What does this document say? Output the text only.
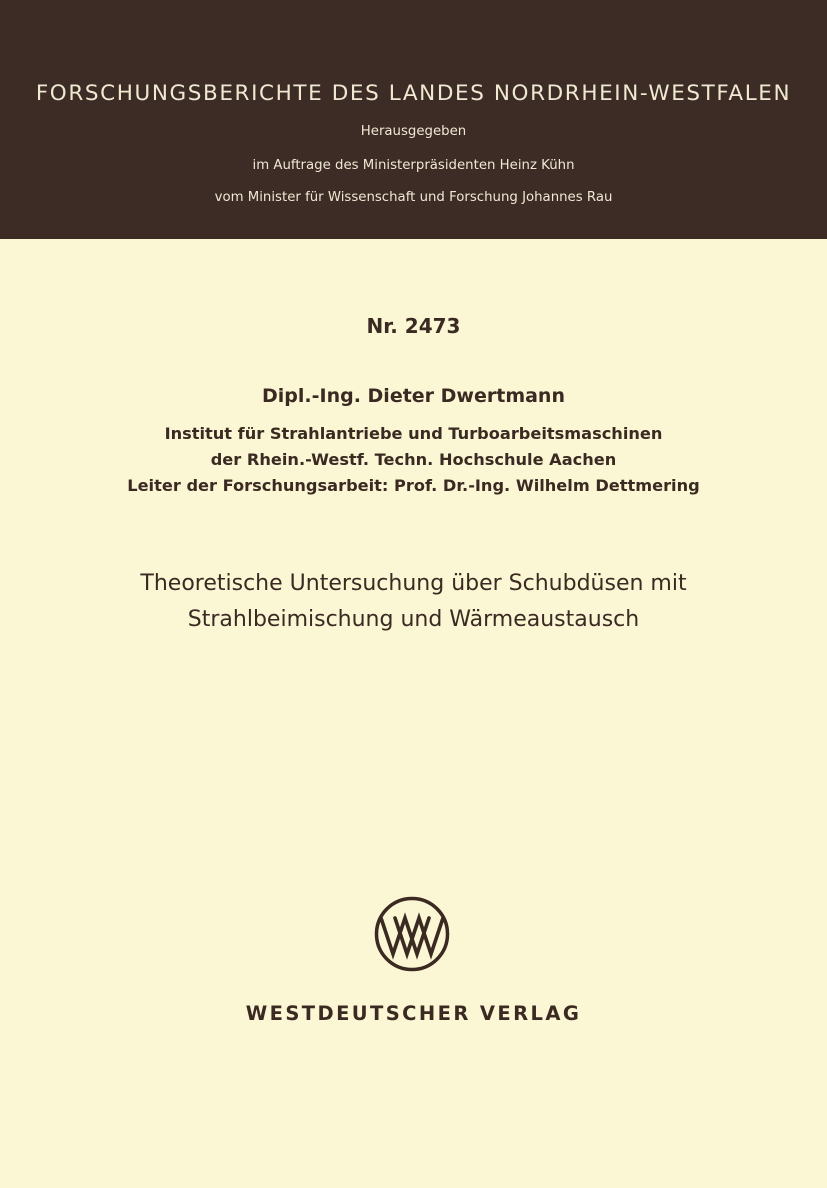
FORSCHUNGSBERICHTE DES LANDES NORDRHEIN-WESTFALEN
Herausgegeben
im Auftrage des Ministerpräsidenten Heinz Kühn
vom Minister für Wissenschaft und Forschung Johannes Rau
Nr. 2473
Dipl.-Ing. Dieter Dwertmann
Institut für Strahlantriebe und Turboarbeitsmaschinen
der Rhein.-Westf. Techn. Hochschule Aachen
Leiter der Forschungsarbeit: Prof. Dr.-Ing. Wilhelm Dettmering
Theoretische Untersuchung über Schubdüsen mit
Strahlbeimischung und Wärmeaustausch
WESTDEUTSCHER VERLAG
